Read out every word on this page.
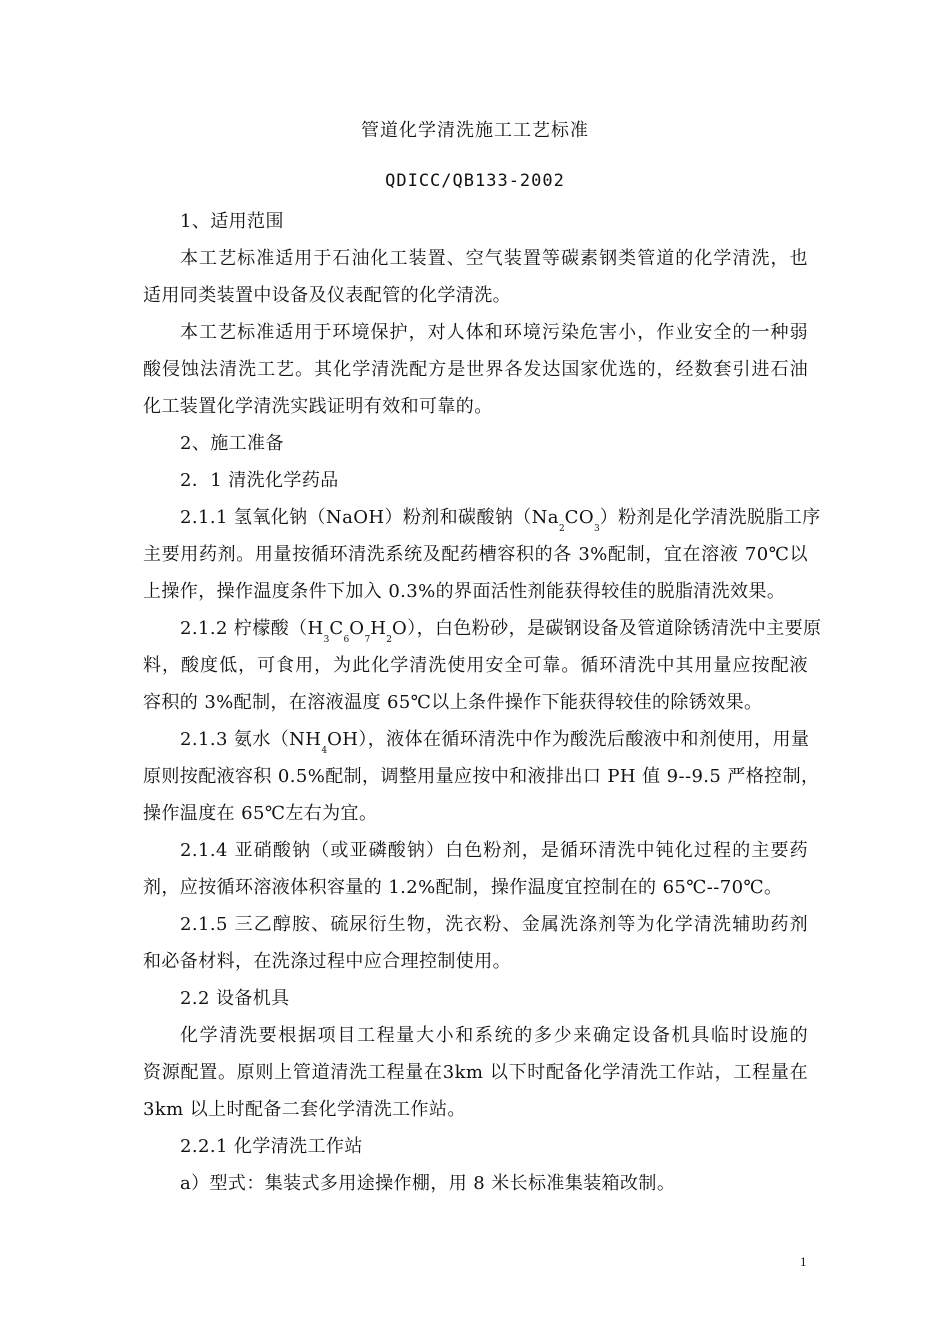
管道化学清洗施工工艺标准
QDICC/QB133-2002
1、适用范围
本工艺标准适用于石油化工装置、空气装置等碳素钢类管道的化学清洗，也
适用同类装置中设备及仪表配管的化学清洗。
本工艺标准适用于环境保护，对人体和环境污染危害小，作业安全的一种弱
酸侵蚀法清洗工艺。其化学清洗配方是世界各发达国家优选的，经数套引进石油
化工装置化学清洗实践证明有效和可靠的。
2、施工准备
2．1 清洗化学药品
2.1.1 氢氧化钠（NaOH）粉剂和碳酸钠$(Na_2CO_3)$粉剂是化学清洗脱脂工序
主要用药剂。用量按循环清洗系统及配药槽容积的各 3%配制，宜在溶液 70℃以
上操作，操作温度条件下加入 0.3%的界面活性剂能获得较佳的脱脂清洗效果。
2.1.2 柠檬酸$(H_3C_6O_7H_2O)$，白色粉砂，是碳钢设备及管道除锈清洗中主要原
料，酸度低，可食用，为此化学清洗使用安全可靠。循环清洗中其用量应按配液
容积的 3%配制，在溶液温度 65℃以上条件操作下能获得较佳的除锈效果。
2.1.3 氨水$(NH_4OH)$，液体在循环清洗中作为酸洗后酸液中和剂使用，用量
原则按配液容积 0.5%配制，调整用量应按中和液排出口 PH 值 9--9.5 严格控制，
操作温度在 65℃左右为宜。
2.1.4 亚硝酸钠（或亚磷酸钠）白色粉剂，是循环清洗中钝化过程的主要药
剂，应按循环溶液体积容量的 1.2%配制，操作温度宜控制在的 65℃--70℃。
2.1.5 三乙醇胺、硫尿衍生物，洗衣粉、金属洗涤剂等为化学清洗辅助药剂
和必备材料，在洗涤过程中应合理控制使用。
2.2 设备机具
化学清洗要根据项目工程量大小和系统的多少来确定设备机具临时设施的
资源配置。原则上管道清洗工程量在3km 以下时配备化学清洗工作站，工程量在
3km 以上时配备二套化学清洗工作站。
2.2.1 化学清洗工作站
a）型式：集装式多用途操作棚，用 8 米长标准集装箱改制。
1
